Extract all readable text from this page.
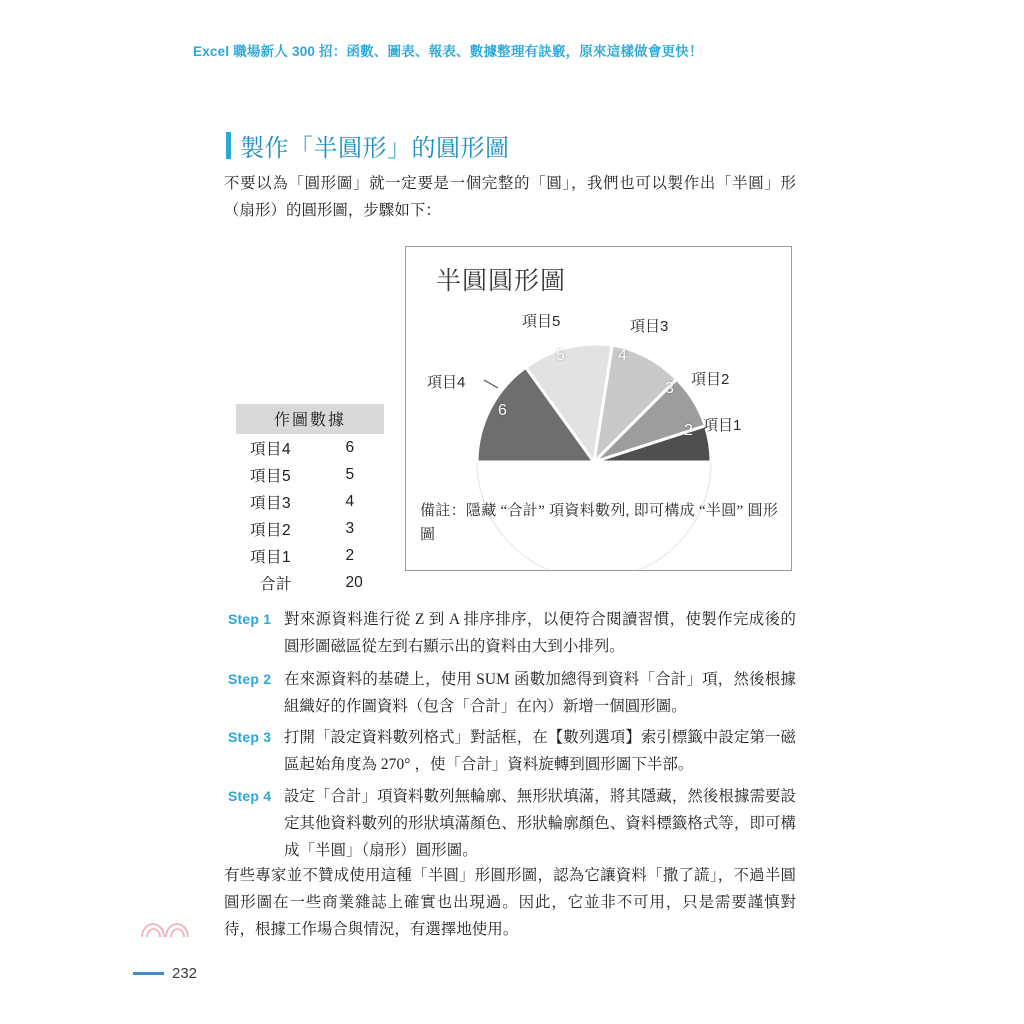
Excel 職場新人 300 招：函數、圖表、報表、數據整理有訣竅，原來這樣做會更快！
製作「半圓形」的圓形圖
不要以為「圓形圖」就一定要是一個完整的「圓」，我們也可以製作出「半圓」形（扇形）的圓形圖，步驟如下：
半圓圓形圖
6
5	4
3
2
項目4
項目5	項目3
項目2
項目1
備註：隱藏 “合計” 項資料數列, 即可構成 “半圓” 圓形圖
作圖數據	
項目4	6
項目5	5
項目3	4
項目2	3
項目1	2
合計	20
Step 1 對來源資料進行從 Z 到 A 排序排序，以便符合閱讀習慣，使製作完成後的圓形圖磁區從左到右顯示出的資料由大到小排列。
Step 2 在來源資料的基礎上，使用 SUM 函數加總得到資料「合計」項，然後根據組織好的作圖資料（包含「合計」在內）新增一個圓形圖。
Step 3 打開「設定資料數列格式」對話框，在【數列選項】索引標籤中設定第一磁區起始角度為 270° ，使「合計」資料旋轉到圓形圖下半部。
Step 4 設定「合計」項資料數列無輪廓、無形狀填滿，將其隱藏，然後根據需要設定其他資料數列的形狀填滿顏色、形狀輪廓顏色、資料標籤格式等，即可構成「半圓」（扇形）圓形圖。
有些專家並不贊成使用這種「半圓」形圓形圖，認為它讓資料「撒了謊」，不過半圓圓形圖在一些商業雜誌上確實也出現過。因此，它並非不可用，只是需要謹慎對待，根據工作場合與情況，有選擇地使用。
232
